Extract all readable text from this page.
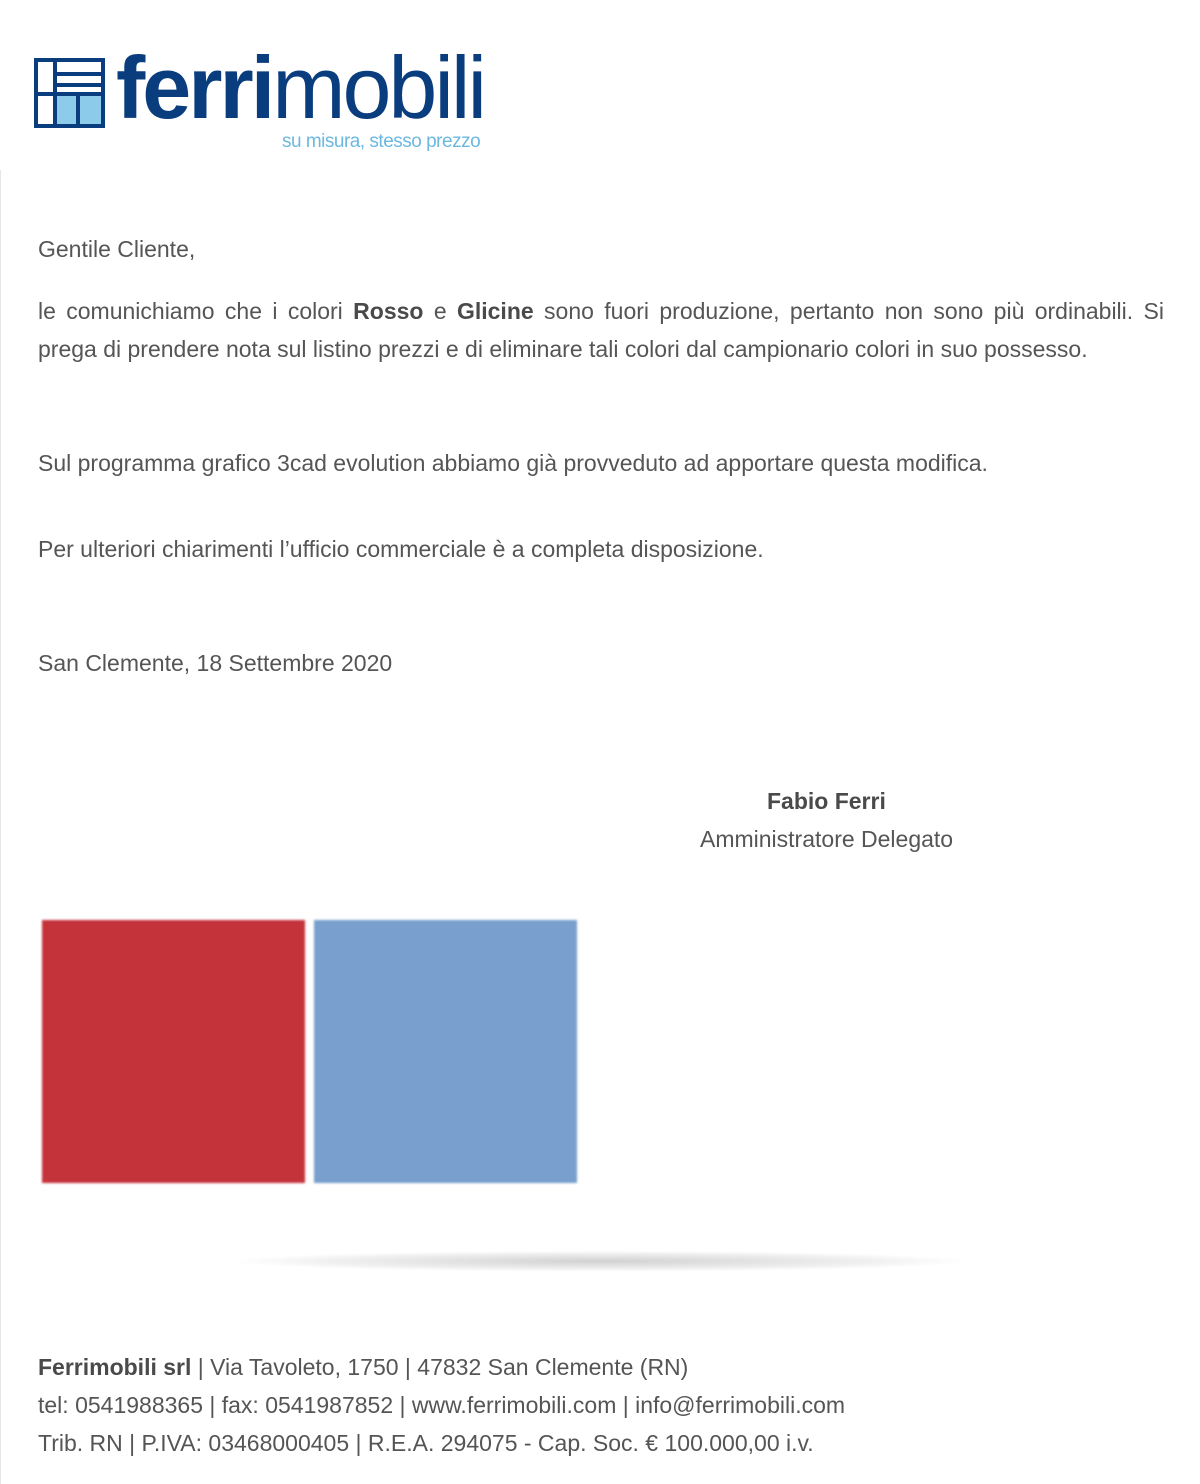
ferrimobili
su misura, stesso prezzo
Gentile Cliente,
le comunichiamo che i colori Rosso e Glicine sono fuori produzione, pertanto non sono più ordinabili. Si prega di prendere nota sul listino prezzi e di eliminare tali colori dal campionario colori in suo possesso.
Sul programma grafico 3cad evolution abbiamo già provveduto ad apportare questa modifica.
Per ulteriori chiarimenti l’ufficio commerciale è a completa disposizione.
San Clemente, 18 Settembre 2020
Fabio Ferri
Amministratore Delegato
Ferrimobili srl | Via Tavoleto, 1750 | 47832 San Clemente (RN)
tel: 0541988365 | fax: 0541987852 | www.ferrimobili.com | info@ferrimobili.com
Trib. RN | P.IVA: 03468000405 | R.E.A. 294075 - Cap. Soc. € 100.000,00 i.v.
